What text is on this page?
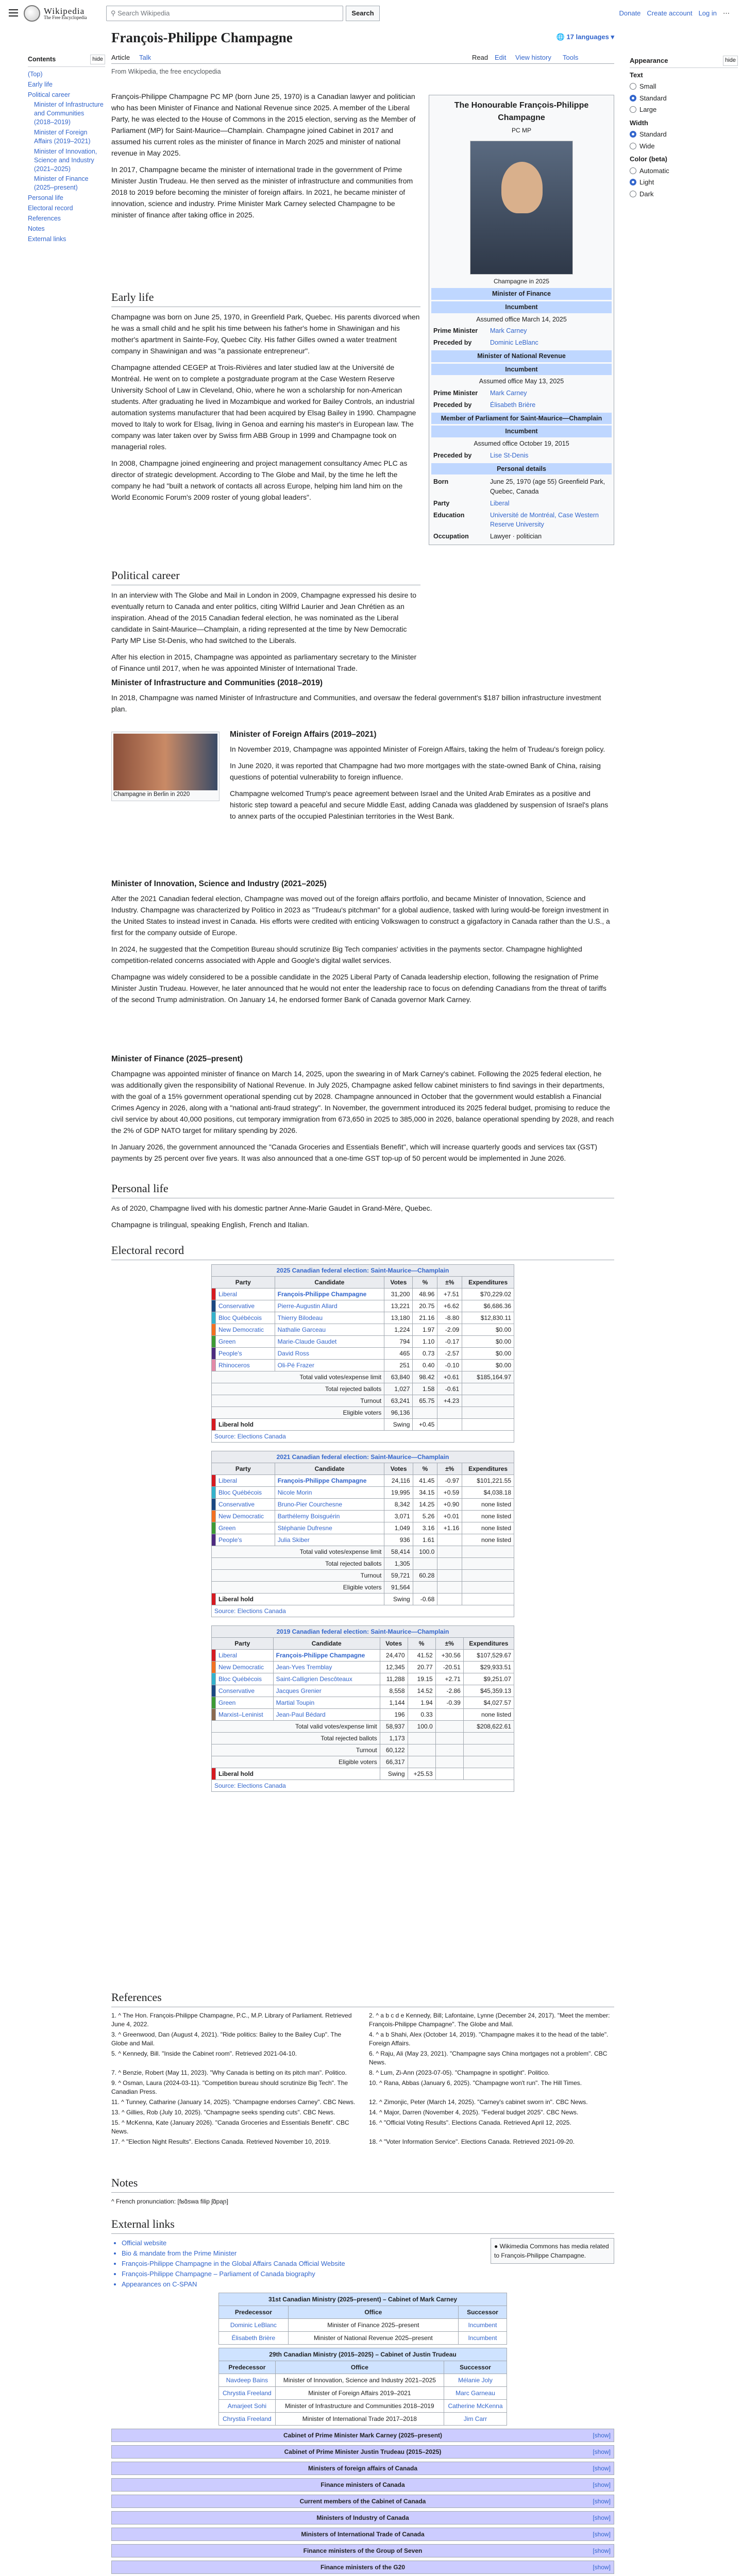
Wikipedia
The Free Encyclopedia
⚲ Search Wikipedia	Search	Donate Create account Log in ⋯
Contents	hide
(Top)
Early life
Political career
Minister of Infrastructure and Communities (2018–2019)
Minister of Foreign Affairs (2019–2021)
Minister of Innovation, Science and Industry (2021–2025)
Minister of Finance (2025–present)
Personal life
Electoral record
References
Notes
External links
François-Philippe Champagne	🌐 17 languages ▾
Article Talk	Read Edit View history Tools
From Wikipedia, the free encyclopedia
Appearance	hide
Text
Small
Standard
Large
Width
Standard
Wide
Color (beta)
Automatic
Light
Dark
The Honourable François-Philippe Champagne
PC MP
Champagne in 2025
Minister of Finance
Incumbent
Assumed office March 14, 2025
Prime Minister	Mark Carney
Preceded by	Dominic LeBlanc
Minister of National Revenue
Incumbent
Assumed office May 13, 2025
Prime Minister	Mark Carney
Preceded by	Élisabeth Brière
Member of Parliament for Saint-Maurice—Champlain
Incumbent
Assumed office October 19, 2015
Preceded by	Lise St-Denis
Personal details
Born	June 25, 1970 (age 55) Greenfield Park, Quebec, Canada
Party	Liberal
Education	Université de Montréal, Case Western Reserve University
Occupation	Lawyer · politician

François-Philippe Champagne PC MP (born June 25, 1970) is a Canadian lawyer and politician who has been Minister of Finance and National Revenue since 2025. A member of the Liberal Party, he was elected to the House of Commons in the 2015 election, serving as the Member of Parliament (MP) for Saint-Maurice—Champlain. Champagne joined Cabinet in 2017 and assumed his current roles as the minister of finance in March 2025 and minister of national revenue in May 2025.

In 2017, Champagne became the minister of international trade in the government of Prime Minister Justin Trudeau. He then served as the minister of infrastructure and communities from 2018 to 2019 before becoming the minister of foreign affairs. In 2021, he became minister of innovation, science and industry. Prime Minister Mark Carney selected Champagne to be minister of finance after taking office in 2025.

Early life

Champagne was born on June 25, 1970, in Greenfield Park, Quebec. His parents divorced when he was a small child and he split his time between his father's home in Shawinigan and his mother's apartment in Sainte-Foy, Quebec City. His father Gilles owned a water treatment company in Shawinigan and was "a passionate entrepreneur".

Champagne attended CEGEP at Trois-Rivières and later studied law at the Université de Montréal. He went on to complete a postgraduate program at the Case Western Reserve University School of Law in Cleveland, Ohio, where he won a scholarship for non-American students. After graduating he lived in Mozambique and worked for Bailey Controls, an industrial automation systems manufacturer that had been acquired by Elsag Bailey in 1990. Champagne moved to Italy to work for Elsag, living in Genoa and earning his master's in European law. The company was later taken over by Swiss firm ABB Group in 1999 and Champagne took on managerial roles.

In 2008, Champagne joined engineering and project management consultancy Amec PLC as director of strategic development. According to The Globe and Mail, by the time he left the company he had "built a network of contacts all across Europe, helping him land him on the World Economic Forum's 2009 roster of young global leaders".

Political career

In an interview with The Globe and Mail in London in 2009, Champagne expressed his desire to eventually return to Canada and enter politics, citing Wilfrid Laurier and Jean Chrétien as an inspiration. Ahead of the 2015 Canadian federal election, he was nominated as the Liberal candidate in Saint-Maurice—Champlain, a riding represented at the time by New Democratic Party MP Lise St-Denis, who had switched to the Liberals.

After his election in 2015, Champagne was appointed as parliamentary secretary to the Minister of Finance until 2017, when he was appointed Minister of International Trade.

Minister of Infrastructure and Communities (2018–2019)

In 2018, Champagne was named Minister of Infrastructure and Communities, and oversaw the federal government's $187 billion infrastructure investment plan.

Champagne in Berlin in 2020
Minister of Foreign Affairs (2019–2021)

In November 2019, Champagne was appointed Minister of Foreign Affairs, taking the helm of Trudeau's foreign policy.

In June 2020, it was reported that Champagne had two more mortgages with the state-owned Bank of China, raising questions of potential vulnerability to foreign influence.

Champagne welcomed Trump's peace agreement between Israel and the United Arab Emirates as a positive and historic step toward a peaceful and secure Middle East, adding Canada was gladdened by suspension of Israel's plans to annex parts of the occupied Palestinian territories in the West Bank.

Minister of Innovation, Science and Industry (2021–2025)

After the 2021 Canadian federal election, Champagne was moved out of the foreign affairs portfolio, and became Minister of Innovation, Science and Industry. Champagne was characterized by Politico in 2023 as "Trudeau's pitchman" for a global audience, tasked with luring would-be foreign investment in the United States to instead invest in Canada. His efforts were credited with enticing Volkswagen to construct a gigafactory in Canada rather than the U.S., a first for the company outside of Europe.

In 2024, he suggested that the Competition Bureau should scrutinize Big Tech companies' activities in the payments sector. Champagne highlighted competition-related concerns associated with Apple and Google's digital wallet services.

Champagne was widely considered to be a possible candidate in the 2025 Liberal Party of Canada leadership election, following the resignation of Prime Minister Justin Trudeau. However, he later announced that he would not enter the leadership race to focus on defending Canadians from the threat of tariffs of the second Trump administration. On January 14, he endorsed former Bank of Canada governor Mark Carney.

Minister of Finance (2025–present)

Champagne was appointed minister of finance on March 14, 2025, upon the swearing in of Mark Carney's cabinet. Following the 2025 federal election, he was additionally given the responsibility of National Revenue. In July 2025, Champagne asked fellow cabinet ministers to find savings in their departments, with the goal of a 15% government operational spending cut by 2028. Champagne announced in October that the government would establish a Financial Crimes Agency in 2026, along with a "national anti-fraud strategy". In November, the government introduced its 2025 federal budget, promising to reduce the civil service by about 40,000 positions, cut temporary immigration from 673,650 in 2025 to 385,000 in 2026, balance operational spending by 2028, and reach the 2% of GDP NATO target for military spending by 2026.

In January 2026, the government announced the "Canada Groceries and Essentials Benefit", which will increase quarterly goods and services tax (GST) payments by 25 percent over five years. It was also announced that a one-time GST top-up of 50 percent would be implemented in June 2026.

Personal life

As of 2020, Champagne lived with his domestic partner Anne-Marie Gaudet in Grand-Mère, Quebec.

Champagne is trilingual, speaking English, French and Italian.

Electoral record
2025 Canadian federal election: Saint-Maurice—Champlain						
Party		Candidate	Votes	%	±%	Expenditures
	Liberal	François-Philippe Champagne	31,200	48.96	+7.51	$70,229.02
	Conservative	Pierre-Augustin Allard	13,221	20.75	+6.62	$6,686.36
	Bloc Québécois	Thierry Bilodeau	13,180	21.16	-8.80	$12,830.11
	New Democratic	Nathalie Garceau	1,224	1.97	-2.09	$0.00
	Green	Marie-Claude Gaudet	794	1.10	-0.17	$0.00
	People's	David Ross	465	0.73	-2.57	$0.00
	Rhinoceros	Oli-Pé Frazer	251	0.40	-0.10	$0.00
Total valid votes/expense limit			63,840	98.42	+0.61	$185,164.97
Total rejected ballots			1,027	1.58	-0.61	
Turnout			63,241	65.75	+4.23	
Eligible voters			96,136			
	Liberal hold		Swing	+0.45		
Source: Elections Canada						
2021 Canadian federal election: Saint-Maurice—Champlain						
Party		Candidate	Votes	%	±%	Expenditures
	Liberal	François-Philippe Champagne	24,116	41.45	-0.97	$101,221.55
	Bloc Québécois	Nicole Morin	19,995	34.15	+0.59	$4,038.18
	Conservative	Bruno-Pier Courchesne	8,342	14.25	+0.90	none listed
	New Democratic	Barthélemy Boisguérin	3,071	5.26	+0.01	none listed
	Green	Stéphanie Dufresne	1,049	3.16	+1.16	none listed
	People's	Julia Skiber	936	1.61		none listed
Total valid votes/expense limit			58,414	100.0		
Total rejected ballots			1,305			
Turnout			59,721	60.28		
Eligible voters			91,564			
	Liberal hold		Swing	-0.68		
Source: Elections Canada						
2019 Canadian federal election: Saint-Maurice—Champlain						
Party		Candidate	Votes	%	±%	Expenditures
	Liberal	François-Philippe Champagne	24,470	41.52	+30.56	$107,529.67
	New Democratic	Jean-Yves Tremblay	12,345	20.77	-20.51	$29,933.51
	Bloc Québécois	Saint-Calligrien Descôteaux	11,288	19.15	+2.71	$9,251.07
	Conservative	Jacques Grenier	8,558	14.52	-2.86	$45,359.13
	Green	Martial Toupin	1,144	1.94	-0.39	$4,027.57
	Marxist–Leninist	Jean-Paul Bédard	196	0.33		none listed
Total valid votes/expense limit			58,937	100.0		$208,622.61
Total rejected ballots			1,173			
Turnout			60,122			
Eligible voters			66,317			
	Liberal hold		Swing	+25.53		
Source: Elections Canada						
References
1. ^ The Hon. François-Philippe Champagne, P.C., M.P. Library of Parliament. Retrieved June 4, 2022.
2. ^ a b c d e Kennedy, Bill; Lafontaine, Lynne (December 24, 2017). "Meet the member: François-Philippe Champagne". The Globe and Mail.
3. ^ Greenwood, Dan (August 4, 2021). "Ride politics: Bailey to the Bailey Cup". The Globe and Mail.
4. ^ a b Shahi, Alex (October 14, 2019). "Champagne makes it to the head of the table". Foreign Affairs.
5. ^ Kennedy, Bill. "Inside the Cabinet room". Retrieved 2021-04-10.	6. ^ Raju, Ali (May 23, 2021). "Champagne says China mortgages not a problem". CBC News.
7. ^ Benzie, Robert (May 11, 2023). "Why Canada is betting on its pitch man". Politico.	8. ^ Lum, Zi-Ann (2023-07-05). "Champagne in spotlight". Politico.
9. ^ Osman, Laura (2024-03-11). "Competition bureau should scrutinize Big Tech". The Canadian Press.
10. ^ Rana, Abbas (January 6, 2025). "Champagne won't run". The Hill Times.
11. ^ Tunney, Catharine (January 14, 2025). "Champagne endorses Carney". CBC News. 12. ^ Zimonjic, Peter (March 14, 2025). "Carney's cabinet sworn in". CBC News.
13. ^ Gillies, Rob (July 10, 2025). "Champagne seeks spending cuts". CBC News.	14. ^ Major, Darren (November 4, 2025). "Federal budget 2025". CBC News.
15. ^ McKenna, Kate (January 2026). "Canada Groceries and Essentials Benefit". CBC News.
16. ^ "Official Voting Results". Elections Canada. Retrieved April 12, 2025.
17. ^ "Election Night Results". Elections Canada. Retrieved November 10, 2019.	18. ^ "Voter Information Service". Elections Canada. Retrieved 2021-09-20.
Notes
^ French pronunciation: [fʁɑ̃swa filip ʃɑ̃paɲ]
External links
● Wikimedia Commons has media related to François-Philippe Champagne.
• Official website
• Bio & mandate from the Prime Minister
• François-Philippe Champagne in the Global Affairs Canada Official Website
• François-Philippe Champagne – Parliament of Canada biography
• Appearances on C-SPAN
31st Canadian Ministry (2025–present) – Cabinet of Mark Carney		
Predecessor	Office	Successor
Dominic LeBlanc	Minister of Finance 2025–present	Incumbent
Élisabeth Brière	Minister of National Revenue 2025–present	Incumbent
29th Canadian Ministry (2015–2025) – Cabinet of Justin Trudeau		
Predecessor	Office	Successor
Navdeep Bains	Minister of Innovation, Science and Industry 2021–2025	Mélanie Joly
Chrystia Freeland	Minister of Foreign Affairs 2019–2021	Marc Garneau
Amarjeet Sohi	Minister of Infrastructure and Communities 2018–2019	Catherine McKenna
Chrystia Freeland	Minister of International Trade 2017–2018	Jim Carr
Cabinet of Prime Minister Mark Carney (2025–present)	[show]
Cabinet of Prime Minister Justin Trudeau (2015–2025)	[show]
Ministers of foreign affairs of Canada	[show]
Finance ministers of Canada	[show]
Current members of the Cabinet of Canada	[show]
Ministers of Industry of Canada	[show]
Ministers of International Trade of Canada	[show]
Finance ministers of the Group of Seven	[show]
Finance ministers of the G20	[show]
